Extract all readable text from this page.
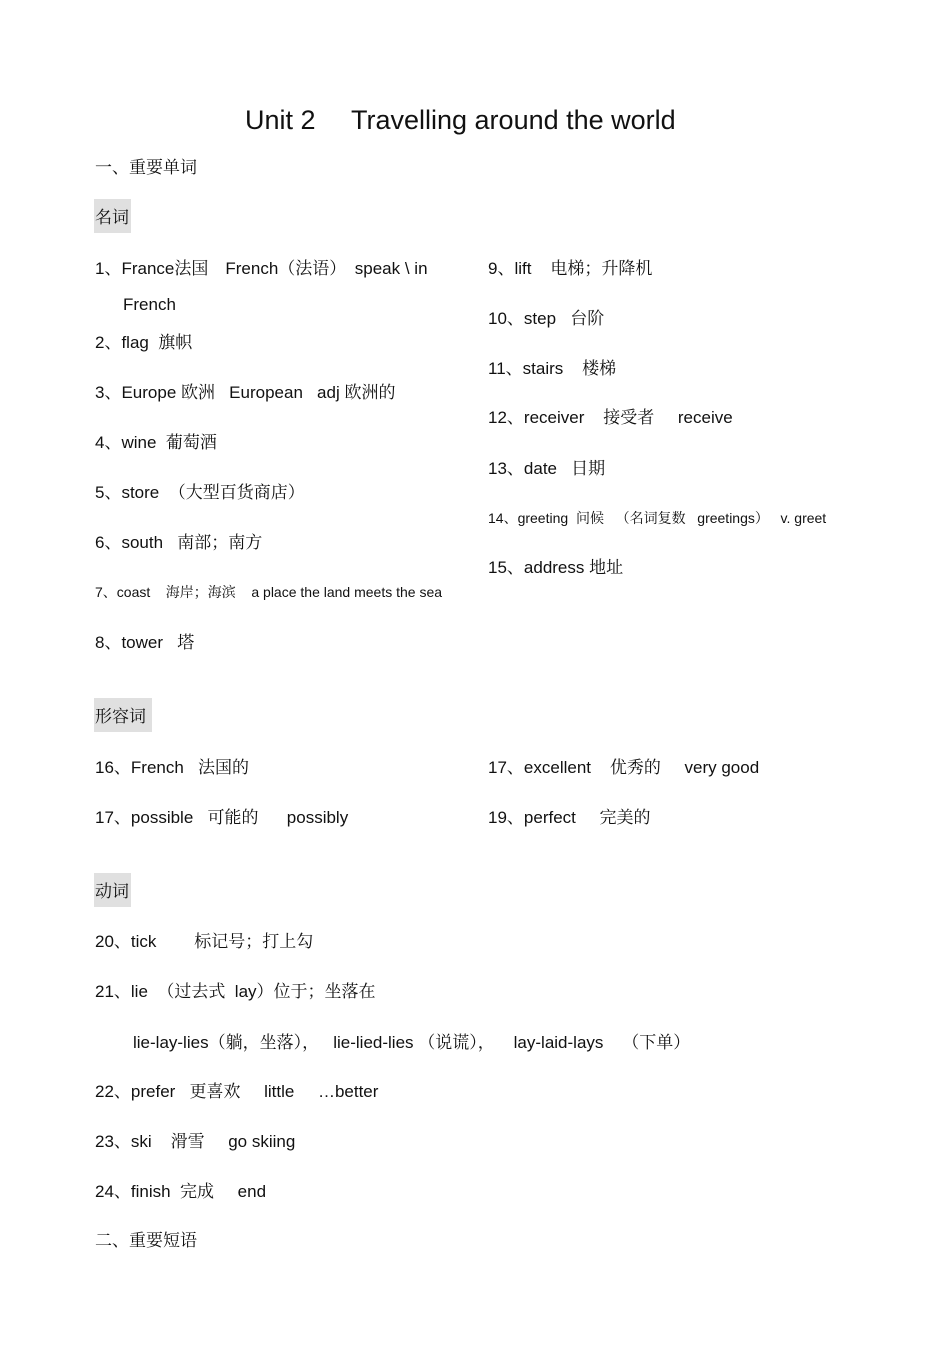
Unit 2 Travelling around the world
一、重要单词
名词
1、France法国　French（法语）　speak \ in
French
2、flag  旗帜
3、Europe 欧洲   European   adj 欧洲的
4、wine  葡萄酒
5、store  （大型百货商店）
6、south   南部；南方
7、coast    海岸；海滨    a place the land meets the sea
8、tower   塔
9、lift    电梯；升降机
10、step   台阶
11、stairs    楼梯
12、receiver    接受者     receive
13、date   日期
14、greeting  问候   （名词复数   greetings）   v. greet
15、address 地址
形容词
16、French   法国的	17、excellent    优秀的     very good
17、possible   可能的      possibly	19、perfect     完美的
动词
20、tick        标记号；打上勾
21、lie  （过去式  lay）位于；坐落在
lie-lay-lies（躺，坐落），   lie-lied-lies （说谎），    lay-laid-lays    （下单）
22、prefer   更喜欢     little     …better
23、ski    滑雪     go skiing
24、finish  完成     end
二、重要短语
